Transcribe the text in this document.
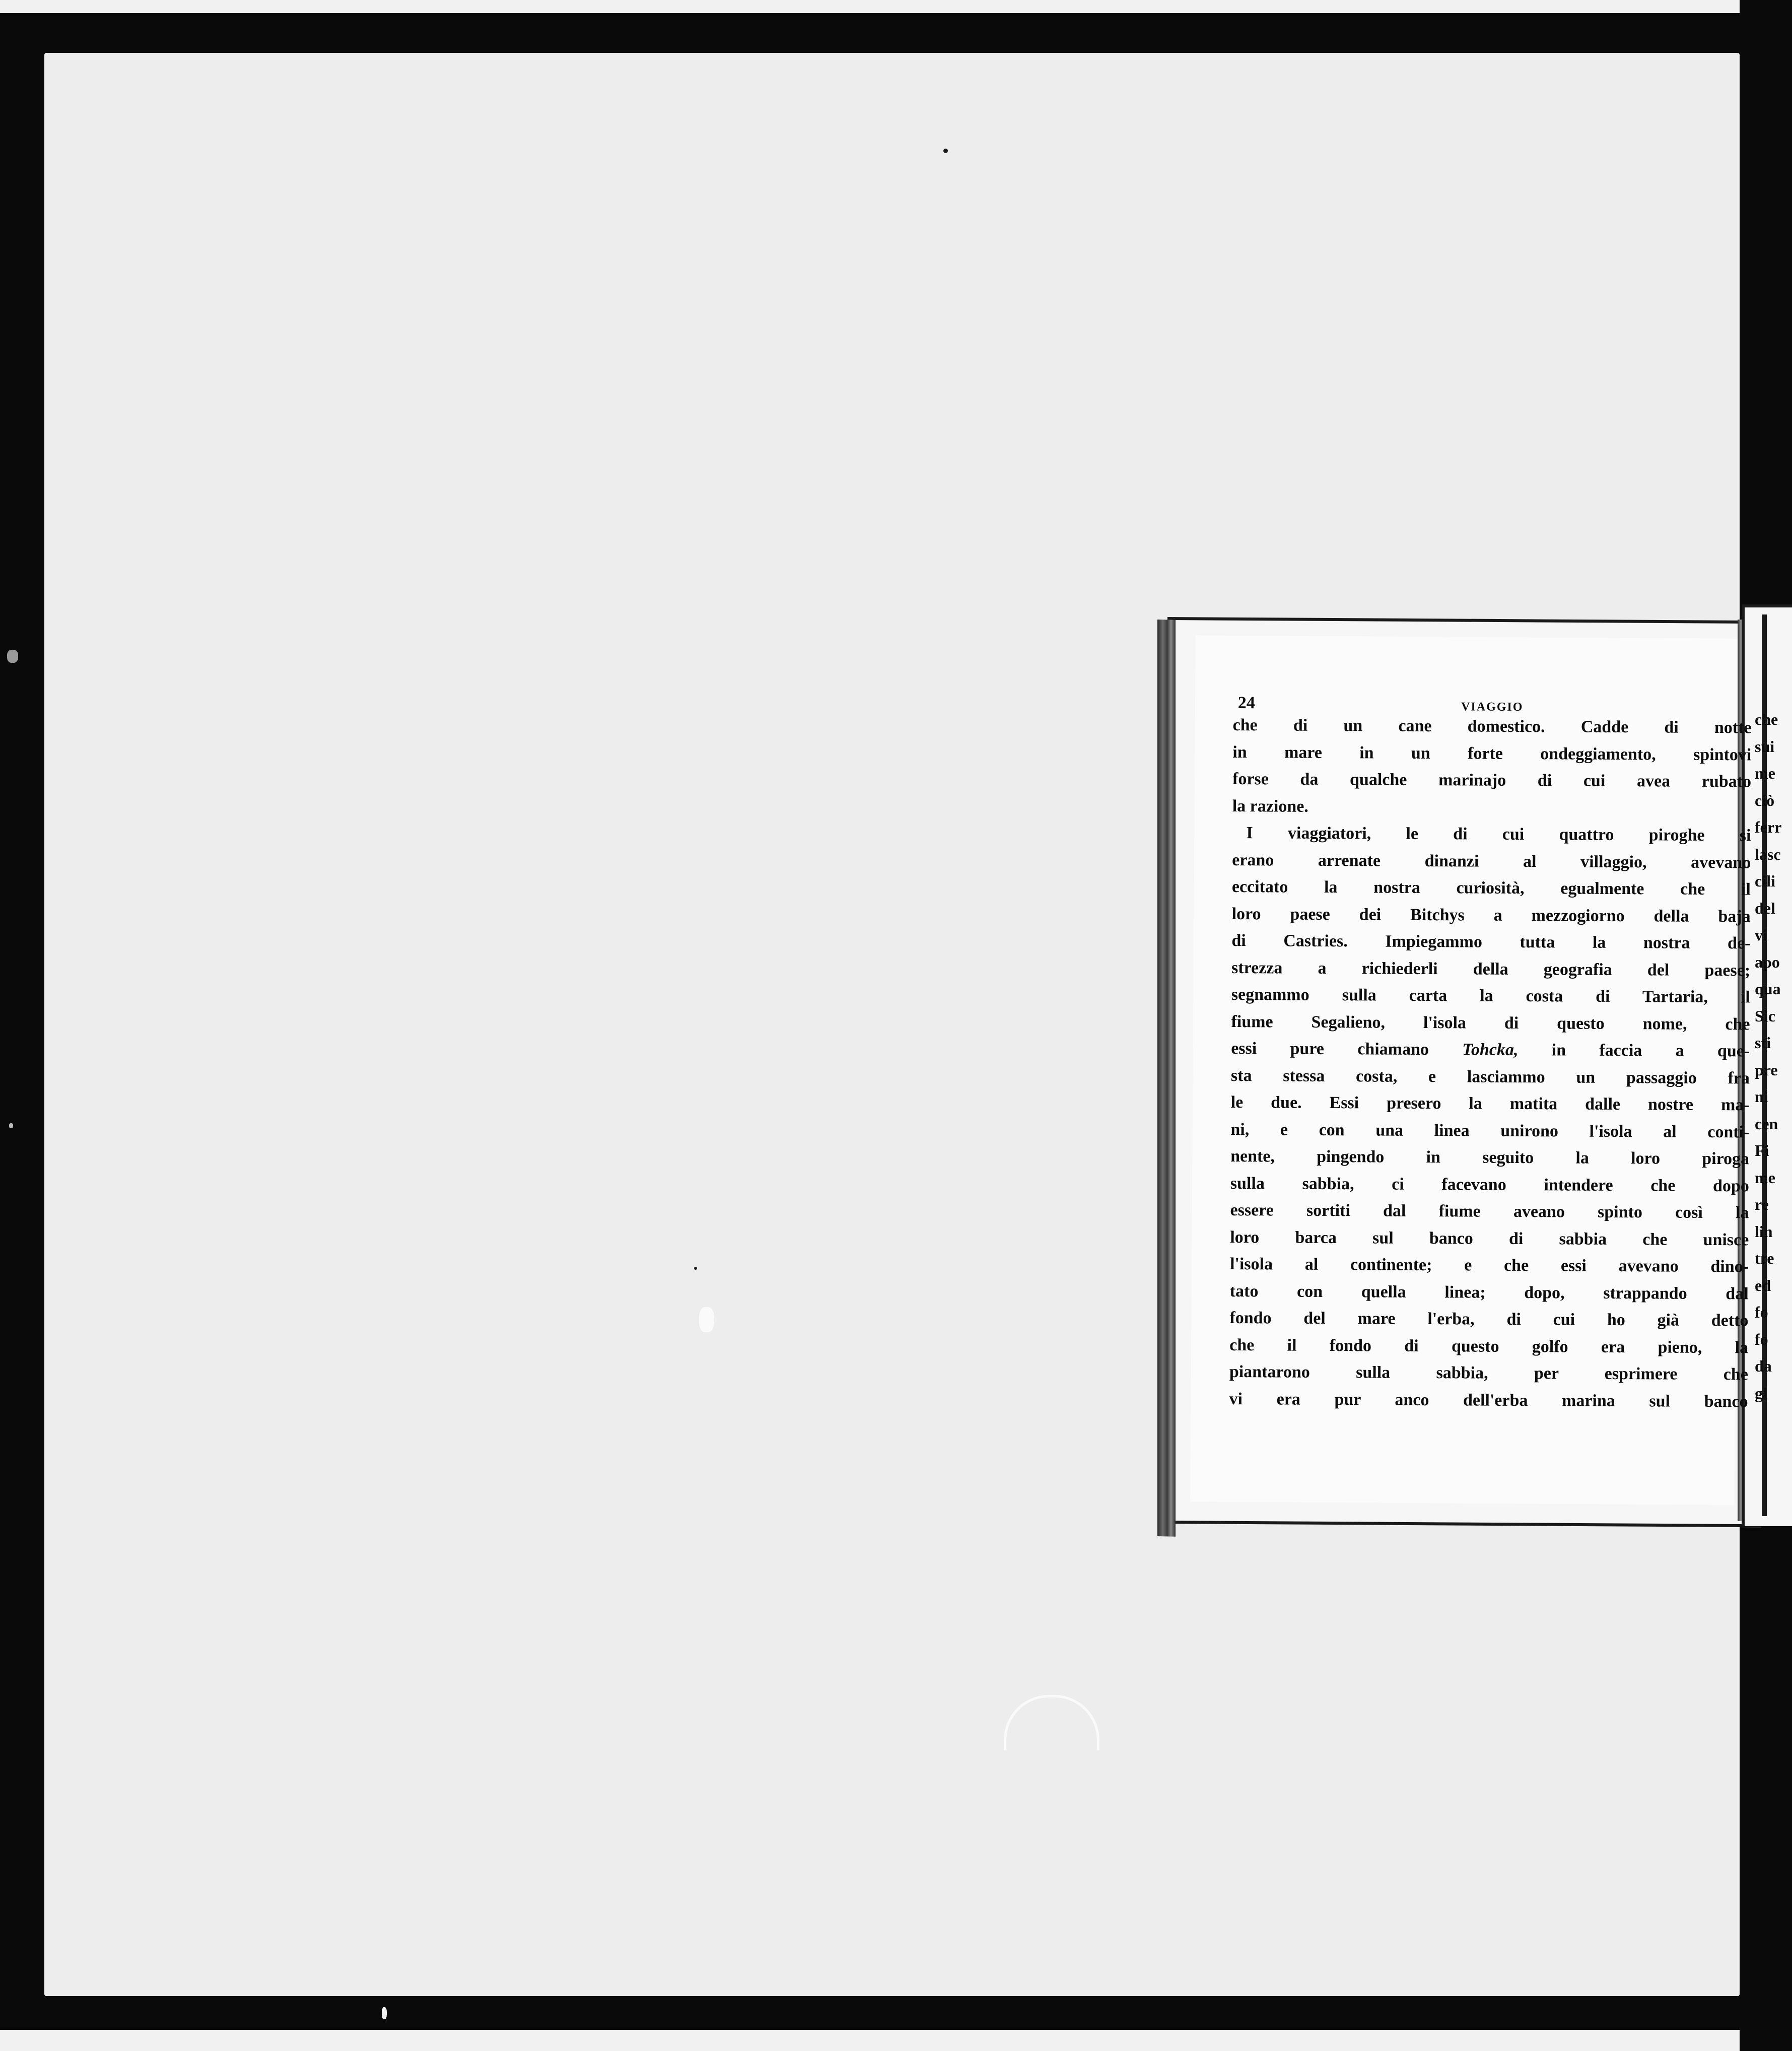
24	VIAGGIO
che di un cane domestico. Cadde di notte
in mare in un forte ondeggiamento, spintovi
forse da qualche marinajo di cui avea rubato
la razione.
I viaggiatori, le di cui quattro piroghe si
erano arrenate dinanzi al villaggio, avevano
eccitato la nostra curiosità, egualmente che il
loro paese dei Bitchys a mezzogiorno della baja
di Castries. Impiegammo tutta la nostra de-
strezza a richiederli della geografia del paese;
segnammo sulla carta la costa di Tartaria, il
fiume Segalieno, l'isola di questo nome, che
essi pure chiamano Tohcka, in faccia a que-
sta stessa costa, e lasciammo un passaggio fra
le due. Essi presero la matita dalle nostre ma-
ni, e con una linea unirono l'isola al conti-
nente, pingendo in seguito la loro piroga
sulla sabbia, ci facevano intendere che dopo
essere sortiti dal fiume aveano spinto così la
loro barca sul banco di sabbia che unisce
l'isola al continente; e che essi avevano dino-
tato con quella linea; dopo, strappando dal
fondo del mare l'erba, di cui ho già detto
che il fondo di questo golfo era pieno, la
piantarono sulla sabbia, per esprimere che
vi era pur anco dell'erba marina sul banco
che
sui
me
ciò
ferr
lasc
cili
del
vi
apo
qua
Sic
sti
pre
ni
cen
Fi
me
re
lin
tre
ed
fo
fo
da
gl
